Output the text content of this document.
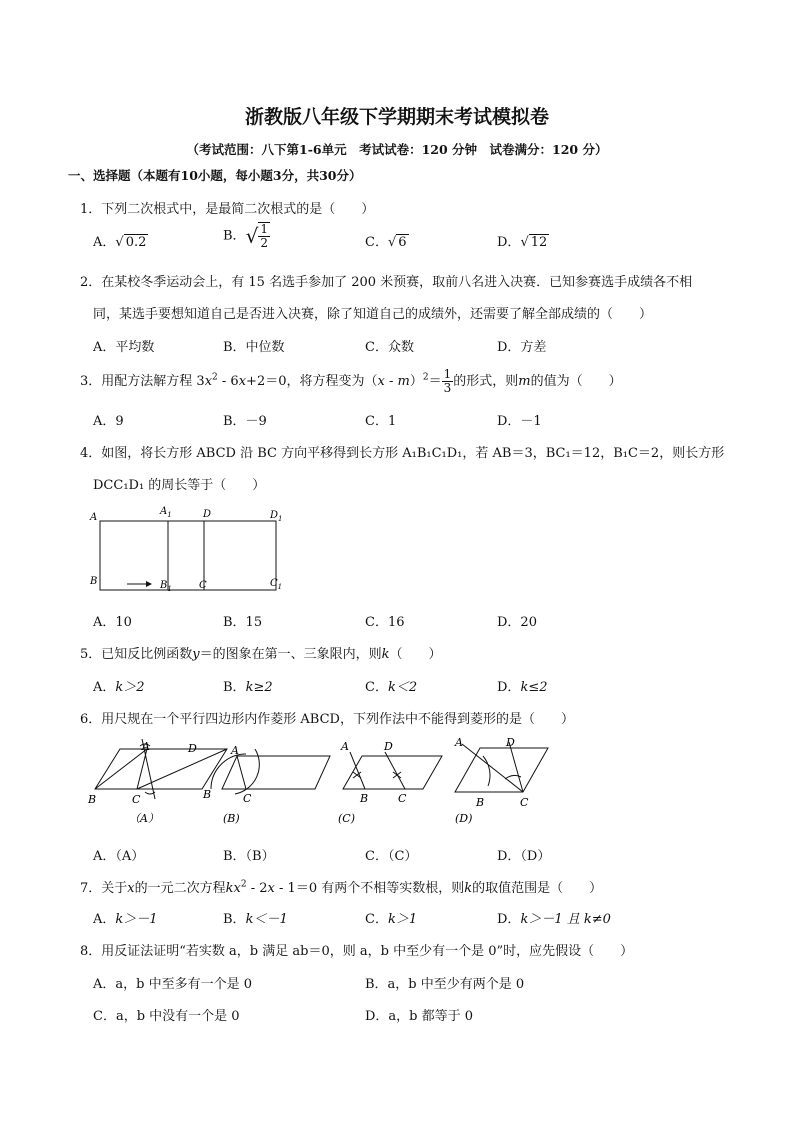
浙教版八年级下学期期末考试模拟卷
（考试范围：八下第1-6单元　考试试卷：120 分钟　试卷满分：120 分）
一、选择题（本题有10小题，每小题3分，共30分）
1．下列二次根式中，是最简二次根式的是（　　）
A．√ 0.2	B．√ $\frac{1}{2}$	C．√ 6	D．√ 12
2．在某校冬季运动会上，有 15 名选手参加了 200 米预赛，取前八名进入决赛．已知参赛选手成绩各不相
同，某选手要想知道自己是否进入决赛，除了知道自己的成绩外，还需要了解全部成绩的（　　）
A．平均数	B．中位数	C．众数	D．方差
3．用配方法解方程 $3x^2 - 6x+2=0$，将方程变为$(x - m)^2= \frac{1}{3}$ 的形式，则m的值为（　　）
A．9	B．－9	C．1	D．－1
4．如图，将长方形 ABCD 沿 BC 方向平移得到长方形 A₁B₁C₁D₁，若 AB＝3，BC₁＝12，B₁C＝2，则长方形
DCC₁D₁ 的周长等于（　　）
A
$A_1$	D	$D_1$
B	$B_1$	C	$C_1$
A．10	B．15	C．16	D．20
5．已知反比例函数y＝的图象在第一、三象限内，则k（　　）
A．k＞2	B．k≥2	C．k＜2	D．k≤2
6．用尺规在一个平行四边形内作菱形 ABCD，下列作法中不能得到菱形的是（　　）
A	D
B	C
（A）
A
B	C
(B)
A	D
B	C
(C)
A	D
B	C
(D)
A．（A）	B．（B）	C．（C）	D．（D）
7．关于x的一元二次方程$kx^2 - 2x - 1=0$ 有两个不相等实数根，则k的取值范围是（　　）
A．k＞－1	B．k＜－1	C．k＞1	D．k＞－1 且 k≠0
8．用反证法证明“若实数 a，b 满足 ab＝0，则 a，b 中至少有一个是 0”时，应先假设（　　）
A．a，b 中至多有一个是 0	B．a，b 中至少有两个是 0
C．a，b 中没有一个是 0	D．a，b 都等于 0
